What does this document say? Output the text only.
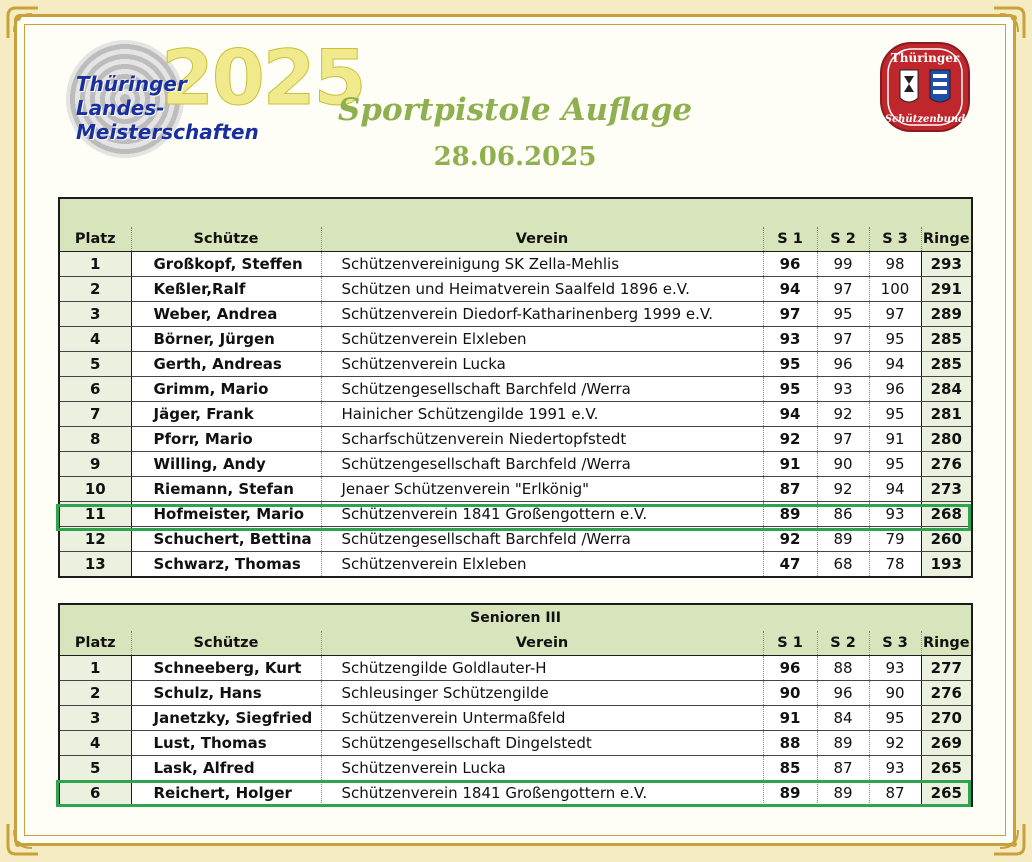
2025
Thüringer
Landes-
Meisterschaften
Sportpistole Auflage
28.06.2025
Thüringer
Schützenbund

Platz	Schütze	Verein	S 1	S 2	S 3	Ringe
1	Großkopf, Steffen	Schützenvereinigung SK Zella-Mehlis	96	99	98	293
2	Keßler,Ralf	Schützen und Heimatverein Saalfeld 1896 e.V.	94	97	100	291
3	Weber, Andrea	Schützenverein Diedorf-Katharinenberg 1999 e.V.	97	95	97	289
4	Börner, Jürgen	Schützenverein Elxleben	93	97	95	285
5	Gerth, Andreas	Schützenverein Lucka	95	96	94	285
6	Grimm, Mario	Schützengesellschaft Barchfeld /Werra	95	93	96	284
7	Jäger, Frank	Hainicher Schützengilde 1991 e.V.	94	92	95	281
8	Pforr, Mario	Scharfschützenverein Niedertopfstedt	92	97	91	280
9	Willing, Andy	Schützengesellschaft Barchfeld /Werra	91	90	95	276
10	Riemann, Stefan	Jenaer Schützenverein "Erlkönig"	87	92	94	273
11	Hofmeister, Mario	Schützenverein 1841 Großengottern e.V.	89	86	93	268
12	Schuchert, Bettina	Schützengesellschaft Barchfeld /Werra	92	89	79	260
13	Schwarz, Thomas	Schützenverein Elxleben	47	68	78	193
Senioren III						
Platz	Schütze	Verein	S 1	S 2	S 3	Ringe
1	Schneeberg, Kurt	Schützengilde Goldlauter-H	96	88	93	277
2	Schulz, Hans	Schleusinger Schützengilde	90	96	90	276
3	Janetzky, Siegfried	Schützenverein Untermaßfeld	91	84	95	270
4	Lust, Thomas	Schützengesellschaft Dingelstedt	88	89	92	269
5	Lask, Alfred	Schützenverein Lucka	85	87	93	265
6	Reichert, Holger	Schützenverein 1841 Großengottern e.V.	89	89	87	265
